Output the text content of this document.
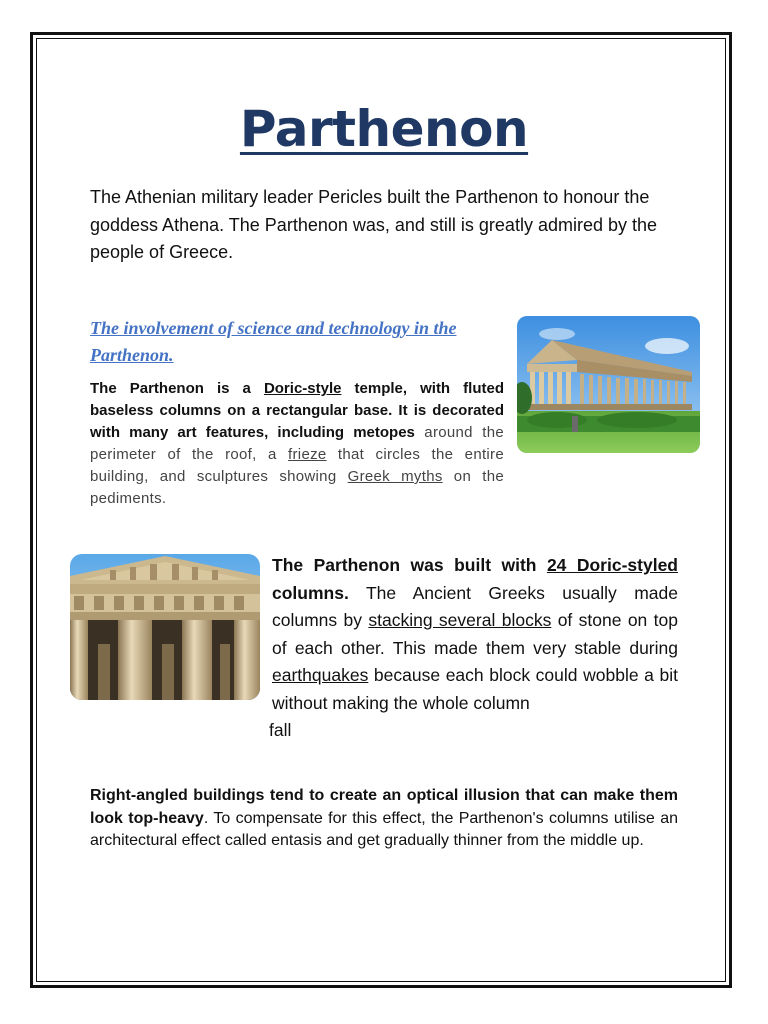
Parthenon
The Athenian military leader Pericles built the Parthenon to honour the goddess Athena. The Parthenon was, and still is greatly admired by the people of Greece.
The involvement of science and technology in the Parthenon.
The Parthenon is a Doric-style temple, with fluted baseless columns on a rectangular base. It is decorated with many art features, including metopes around the perimeter of the roof, a frieze that circles the entire building, and sculptures showing Greek myths on the pediments.
The Parthenon was built with 24 Doric-styled columns. The Ancient Greeks usually made columns by stacking several blocks of stone on top of each other. This made them very stable during earthquakes because each block could wobble a bit without making the whole column
fall
Right-angled buildings tend to create an optical illusion that can make them look top-heavy. To compensate for this effect, the Parthenon's columns utilise an architectural effect called entasis and get gradually thinner from the middle up.
